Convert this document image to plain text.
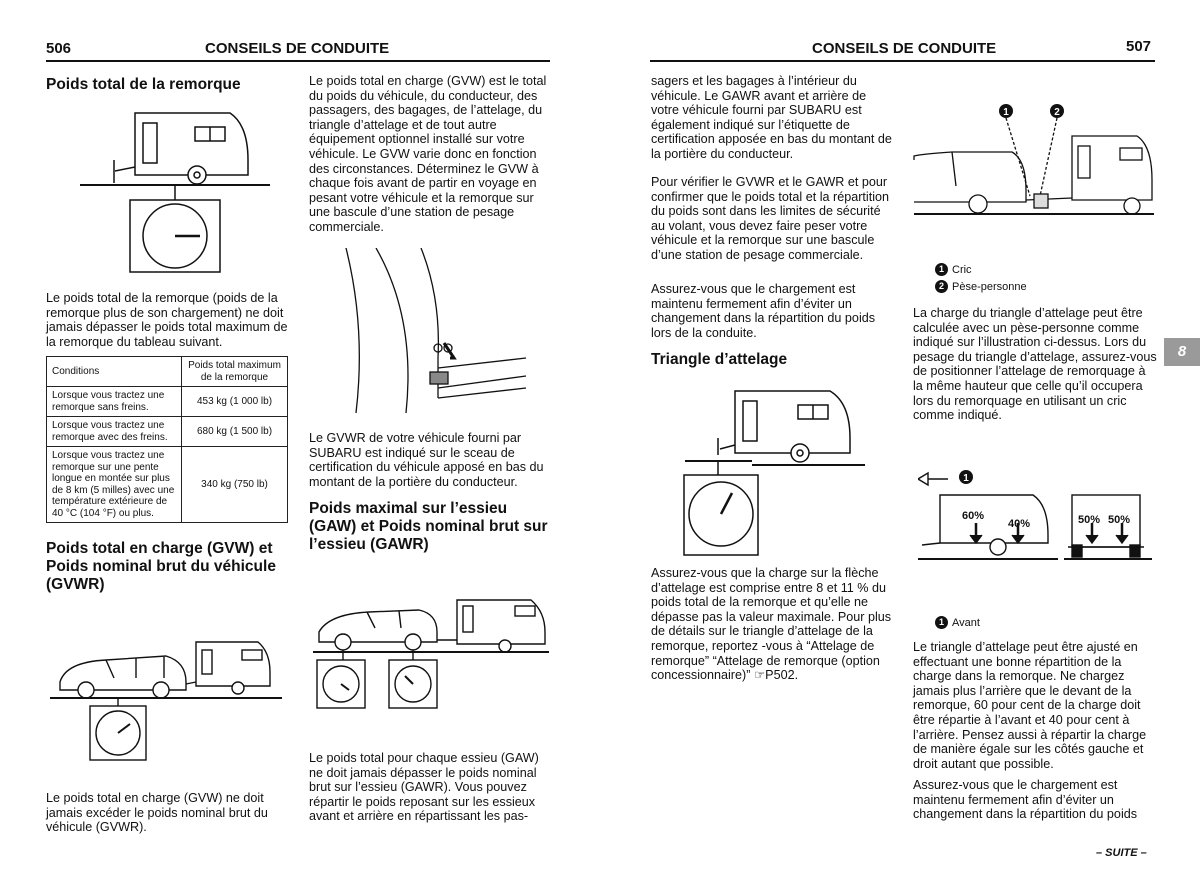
506	CONSEILS DE CONDUITE
Poids total de la remorque
Le poids total de la remorque (poids de la remorque plus de son chargement) ne doit jamais dépasser le poids total maximum de la remorque du tableau suivant.
Conditions	Poids total maximum de la remorque
Lorsque vous tractez une remorque sans freins.	453 kg (1 000 lb)
Lorsque vous tractez une remorque avec des freins.	680 kg (1 500 lb)
Lorsque vous tractez une remorque sur une pente longue en montée sur plus de 8 km (5 milles) avec une température extérieure de 40 °C (104 °F) ou plus.	340 kg (750 lb)
Poids total en charge (GVW) et Poids nominal brut du véhicule (GVWR)
Le poids total en charge (GVW) ne doit jamais excéder le poids nominal brut du véhicule (GVWR).
Le poids total en charge (GVW) est le total du poids du véhicule, du conducteur, des passagers, des bagages, de l’attelage, du triangle d’attelage et de tout autre équipement optionnel installé sur votre véhicule. Le GVW varie donc en fonction des circonstances. Déterminez le GVW à chaque fois avant de partir en voyage en pesant votre véhicule et la remorque sur une bascule d’une station de pesage commerciale.
Le GVWR de votre véhicule fourni par SUBARU est indiqué sur le sceau de certification du véhicule apposé en bas du montant de la portière du conducteur.
Poids maximal sur l’essieu (GAW) et Poids nominal brut sur l’essieu (GAWR)
Le poids total pour chaque essieu (GAW) ne doit jamais dépasser le poids nominal brut sur l’essieu (GAWR). Vous pouvez répartir le poids reposant sur les essieux avant et arrière en répartissant les pas-
CONSEILS DE CONDUITE	507
sagers et les bagages à l’intérieur du véhicule. Le GAWR avant et arrière de votre véhicule fourni par SUBARU est également indiqué sur l’étiquette de certification apposée en bas du montant de la portière du conducteur.
Pour vérifier le GVWR et le GAWR et pour confirmer que le poids total et la répartition du poids sont dans les limites de sécurité au volant, vous devez faire peser votre véhicule et la remorque sur une bascule d’une station de pesage commerciale.
Assurez-vous que le chargement est maintenu fermement afin d’éviter un changement dans la répartition du poids lors de la conduite.
Triangle d’attelage
Assurez-vous que la charge sur la flèche d’attelage est comprise entre 8 et 11 % du poids total de la remorque et qu’elle ne dépasse pas la valeur maximale. Pour plus de détails sur le triangle d’attelage de la remorque, reportez -vous à “Attelage de remorque” “Attelage de remorque (option concessionnaire)” ☞P502.
1	2
1 Cric
2 Pèse-personne
La charge du triangle d’attelage peut être calculée avec un pèse-personne comme indiqué sur l’illustration ci-dessus. Lors du pesage du triangle d’attelage, assurez-vous de positionner l’attelage de remorquage à la même hauteur que celle qu’il occupera lors du remorquage en utilisant un cric comme indiqué.
1
60%
40%	50% 50%
1 Avant
Le triangle d’attelage peut être ajusté en effectuant une bonne répartition de la charge dans la remorque. Ne chargez jamais plus l’arrière que le devant de la remorque, 60 pour cent de la charge doit être répartie à l’avant et 40 pour cent à l’arrière. Pensez aussi à répartir la charge de manière égale sur les côtés gauche et droit autant que possible.
Assurez-vous que le chargement est maintenu fermement afin d’éviter un changement dans la répartition du poids
8
– SUITE –
